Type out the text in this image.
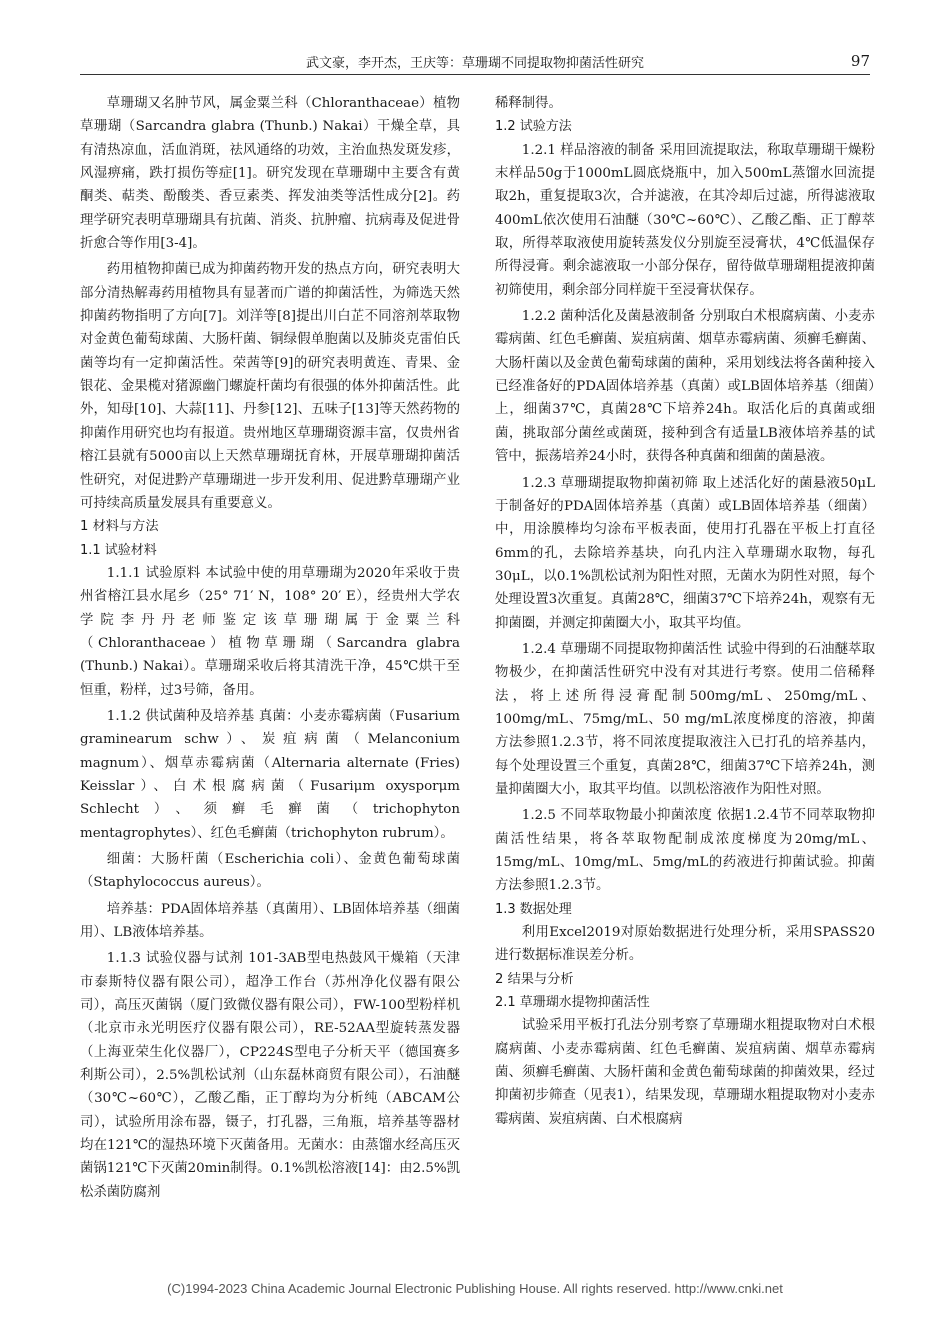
武文豪，李开杰，王庆等：草珊瑚不同提取物抑菌活性研究	97

草珊瑚又名肿节风，属金粟兰科（Chloranthaceae）植物草珊瑚（Sarcandra glabra (Thunb.) Nakai）干燥全草，具有清热凉血，活血消斑，祛风通络的功效，主治血热发斑发疹，风湿痹痛，跌打损伤等症[1]。研究发现在草珊瑚中主要含有黄酮类、萜类、酚酸类、香豆素类、挥发油类等活性成分[2]。药理学研究表明草珊瑚具有抗菌、消炎、抗肿瘤、抗病毒及促进骨折愈合等作用[3-4]。

药用植物抑菌已成为抑菌药物开发的热点方向，研究表明大部分清热解毒药用植物具有显著而广谱的抑菌活性，为筛选天然抑菌药物指明了方向[7]。刘洋等[8]提出川白芷不同溶剂萃取物对金黄色葡萄球菌、大肠杆菌、铜绿假单胞菌以及肺炎克雷伯氏菌等均有一定抑菌活性。荣茜等[9]的研究表明黄连、青果、金银花、金果榄对猪源幽门螺旋杆菌均有很强的体外抑菌活性。此外，知母[10]、大蒜[11]、丹参[12]、五味子[13]等天然药物的抑菌作用研究也均有报道。贵州地区草珊瑚资源丰富，仅贵州省榕江县就有5000亩以上天然草珊瑚抚育林，开展草珊瑚抑菌活性研究，对促进黔产草珊瑚进一步开发利用、促进黔草珊瑚产业可持续高质量发展具有重要意义。

1 材料与方法
1.1 试验材料

1.1.1 试验原料 本试验中使的用草珊瑚为2020年采收于贵州省榕江县水尾乡（25° 71′ N，108° 20′ E），经贵州大学农学院李丹丹老师鉴定该草珊瑚属于金粟兰科（Chloranthaceae）植物草珊瑚（Sarcandra glabra (Thunb.) Nakai）。草珊瑚采收后将其清洗干净，45℃烘干至恒重，粉样，过3号筛，备用。

1.1.2 供试菌种及培养基 真菌：小麦赤霉病菌（Fusarium graminearum schw）、炭疽病菌（Melanconium magnum）、烟草赤霉病菌（Alternaria alternate (Fries) Keisslar）、白术根腐病菌（Fusariμm oxysporμm Schlecht）、须癣毛癣菌（trichophyton mentagrophytes）、红色毛癣菌（trichophyton rubrum）。

细菌：大肠杆菌（Escherichia coli）、金黄色葡萄球菌（Staphylococcus aureus）。

培养基：PDA固体培养基（真菌用）、LB固体培养基（细菌用）、LB液体培养基。

1.1.3 试验仪器与试剂 101-3AB型电热鼓风干燥箱（天津市泰斯特仪器有限公司），超净工作台（苏州净化仪器有限公司），高压灭菌锅（厦门致微仪器有限公司），FW-100型粉样机（北京市永光明医疗仪器有限公司），RE-52AA型旋转蒸发器（上海亚荣生化仪器厂），CP224S型电子分析天平（德国赛多利斯公司），2.5%凯松试剂（山东磊林商贸有限公司），石油醚（30℃~60℃），乙酸乙酯，正丁醇均为分析纯（ABCAM公司），试验所用涂布器，镊子，打孔器，三角瓶，培养基等器材均在121℃的湿热环境下灭菌备用。无菌水：由蒸馏水经高压灭菌锅121℃下灭菌20min制得。0.1%凯松溶液[14]：由2.5%凯松杀菌防腐剂

稀释制得。

1.2 试验方法

1.2.1 样品溶液的制备 采用回流提取法，称取草珊瑚干燥粉末样品50g于1000mL圆底烧瓶中，加入500mL蒸馏水回流提取2h，重复提取3次，合并滤液，在其冷却后过滤，所得滤液取400mL依次使用石油醚（30℃~60℃）、乙酸乙酯、正丁醇萃取，所得萃取液使用旋转蒸发仪分别旋至浸膏状，4℃低温保存所得浸膏。剩余滤液取一小部分保存，留待做草珊瑚粗提液抑菌初筛使用，剩余部分同样旋干至浸膏状保存。

1.2.2 菌种活化及菌悬液制备 分别取白术根腐病菌、小麦赤霉病菌、红色毛癣菌、炭疽病菌、烟草赤霉病菌、须癣毛癣菌、大肠杆菌以及金黄色葡萄球菌的菌种，采用划线法将各菌种接入已经准备好的PDA固体培养基（真菌）或LB固体培养基（细菌）上，细菌37℃，真菌28℃下培养24h。取活化后的真菌或细菌，挑取部分菌丝或菌斑，接种到含有适量LB液体培养基的试管中，振荡培养24小时，获得各种真菌和细菌的菌悬液。

1.2.3 草珊瑚提取物抑菌初筛 取上述活化好的菌悬液50μL于制备好的PDA固体培养基（真菌）或LB固体培养基（细菌）中，用涂膜棒均匀涂布平板表面，使用打孔器在平板上打直径6mm的孔，去除培养基块，向孔内注入草珊瑚水取物，每孔30μL，以0.1%凯松试剂为阳性对照，无菌水为阴性对照，每个处理设置3次重复。真菌28℃，细菌37℃下培养24h，观察有无抑菌圈，并测定抑菌圈大小，取其平均值。

1.2.4 草珊瑚不同提取物抑菌活性 试验中得到的石油醚萃取物极少，在抑菌活性研究中没有对其进行考察。使用二倍稀释法，将上述所得浸膏配制500mg/mL、250mg/mL、100mg/mL、75mg/mL、50 mg/mL浓度梯度的溶液，抑菌方法参照1.2.3节，将不同浓度提取液注入已打孔的培养基内，每个处理设置三个重复，真菌28℃，细菌37℃下培养24h，测量抑菌圈大小，取其平均值。以凯松溶液作为阳性对照。

1.2.5 不同萃取物最小抑菌浓度 依据1.2.4节不同萃取物抑菌活性结果，将各萃取物配制成浓度梯度为20mg/mL、15mg/mL、10mg/mL、5mg/mL的药液进行抑菌试验。抑菌方法参照1.2.3节。

1.3 数据处理

利用Excel2019对原始数据进行处理分析，采用SPASS20进行数据标准误差分析。

2 结果与分析
2.1 草珊瑚水提物抑菌活性

试验采用平板打孔法分别考察了草珊瑚水粗提取物对白术根腐病菌、小麦赤霉病菌、红色毛癣菌、炭疽病菌、烟草赤霉病菌、须癣毛癣菌、大肠杆菌和金黄色葡萄球菌的抑菌效果，经过抑菌初步筛查（见表1），结果发现，草珊瑚水粗提取物对小麦赤霉病菌、炭疽病菌、白术根腐病

(C)1994-2023 China Academic Journal Electronic Publishing House. All rights reserved. http://www.cnki.net
